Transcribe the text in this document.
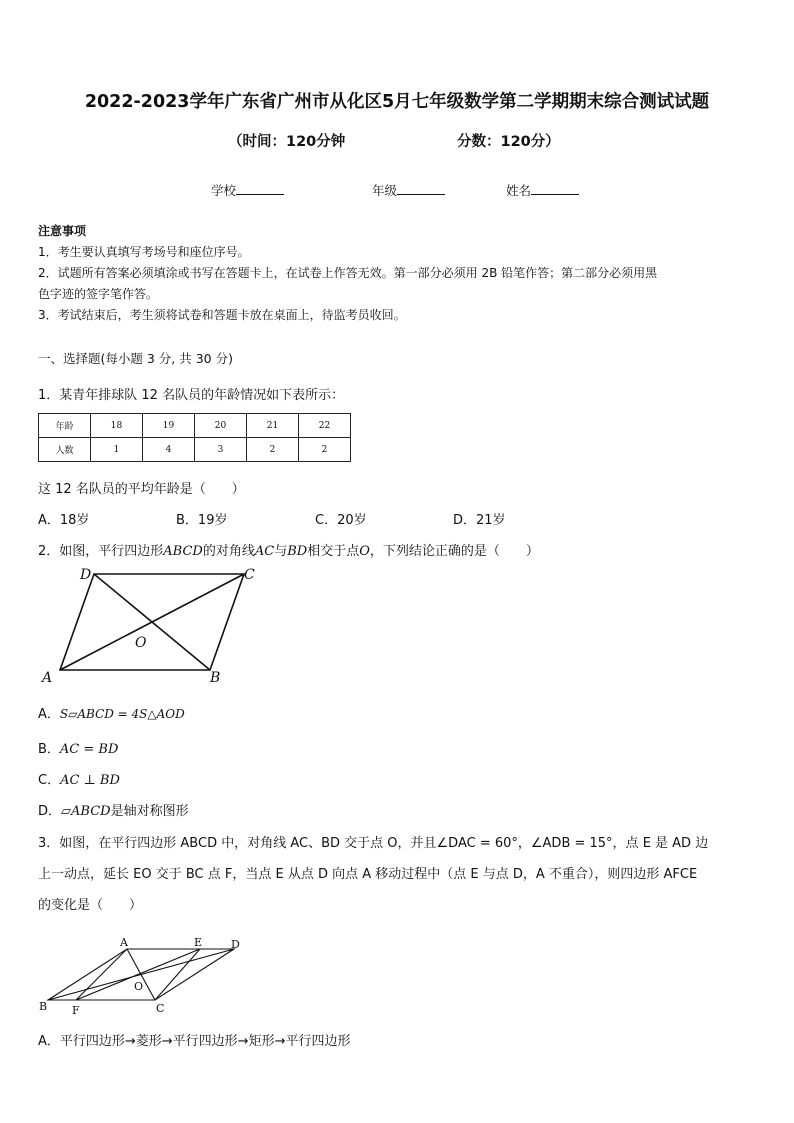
2022-2023学年广东省广州市从化区5月七年级数学第二学期期末综合测试试题
（时间：120分钟	分数：120分）
学校	年级	姓名
注意事项
1．考生要认真填写考场号和座位序号。
2．试题所有答案必须填涂或书写在答题卡上，在试卷上作答无效。第一部分必须用 2B 铅笔作答；第二部分必须用黑
色字迹的签字笔作答。
3．考试结束后，考生须将试卷和答题卡放在桌面上，待监考员收回。
一、选择题(每小题 3 分, 共 30 分)
1．某青年排球队 12 名队员的年龄情况如下表所示：
年龄	18	19	20	21	22
人数	1	4	3	2	2
这 12 名队员的平均年龄是（　　）
A．18岁	B．19岁	C．20岁	D．21岁
2．如图，平行四边形ABCD的对角线AC与BD相交于点O，下列结论正确的是（　　）
A	B
C
D
O
A．S▱ABCD = 4S△AOD
B．AC = BD
C．AC ⊥ BD
D．▱ABCD是轴对称图形
3．如图，在平行四边形 ABCD 中，对角线 AC、BD 交于点 O，并且∠DAC = 60°，∠ADB = 15°，点 E 是 AD 边
上一动点，延长 EO 交于 BC 点 F，当点 E 从点 D 向点 A 移动过程中（点 E 与点 D，A 不重合），则四边形 AFCE
的变化是（　　）
A
B	C
D
E
F
O
A．平行四边形→菱形→平行四边形→矩形→平行四边形
